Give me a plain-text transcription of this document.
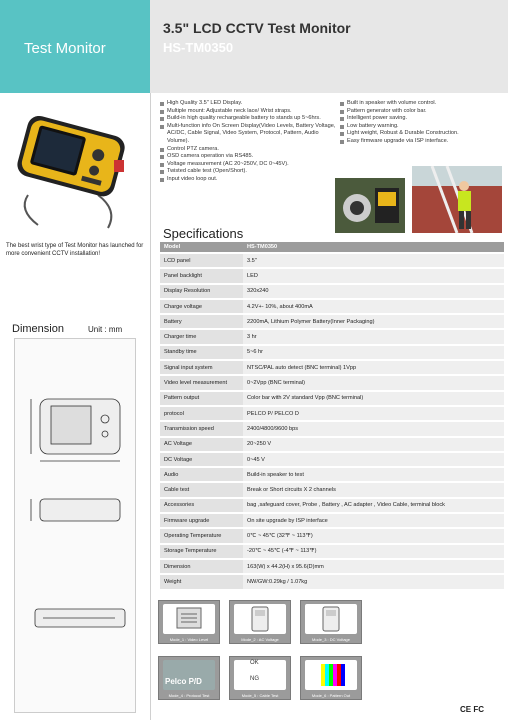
Test Monitor
3.5" LCD CCTV Test Monitor
HS-TM0350
The best wrist type of Test Monitor has launched for more convenient CCTV installation!
Dimension	Unit : mm
High Quality 3.5" LED Display.
Multiple mount: Adjustable neck lace/ Wrist straps.
Build-in high quality rechargeable battery to stands up 5~6hrs.
Multi-function info On Screen Display(Video Levels, Battery Voltage, AC/DC, Cable Signal, Video System, Protocol, Pattern, Audio Volume).
Control PTZ camera.
OSD camera operation via RS485.
Voltage measurement (AC 20~250V, DC 0~45V).
Twisted cable test (Open/Short).
Input video loop out.
Built in speaker with volume control.
Pattern generator with color bar.
Intelligent power saving.
Low battery warning.
Light weight, Robust & Durable Construction.
Easy firmware upgrade via ISP interface.
Specifications
Model	HS-TM0350
LCD panel	3.5"
Panel backlight	LED
Display Resolution	320x240
Charge voltage	4.2V+- 10%, about 400mA
Battery	2200mA, Lithium Polymer Battery(Inner Packaging)
Charger time	3 hr
Standby time	5~6 hr
Signal input system	NTSC/PAL auto detect (BNC terminal) 1Vpp
Video level measurement	0~2Vpp (BNC terminal)
Pattern output	Color bar with 2V standard Vpp (BNC terminal)
protocol	PELCO P/ PELCO D
Transmission speed	2400/4800/9600 bps
AC Voltage	20~250 V
DC Voltage	0~45 V
Audio	Build-in speaker to test
Cable test	Break or Short circuits X 2 channels
Accessories	bag ,safeguard cover, Probe , Battery , AC adapter , Video Cable, terminal block
Firmware upgrade	On site upgrade by ISP interface
Operating Temperature	0℃ ~ 45℃ (32℉ ~ 113℉)
Storage Temperature	-20℃ ~ 45℃ (-4℉ ~ 113℉)
Dimension	163(W) x 44.2(H) x 95.6(D)mm
Weight	NW/GW:0.29kg / 1.07kg
Mode_1 : Video Level	Mode_2 : AC Voltage	Mode_3 : DC Voltage
Pelco P/D
Mode_4 : Protocol Test
OK
NG
Mode_5 : Cable Test	Mode_6 : Pattern Out
CE FC
